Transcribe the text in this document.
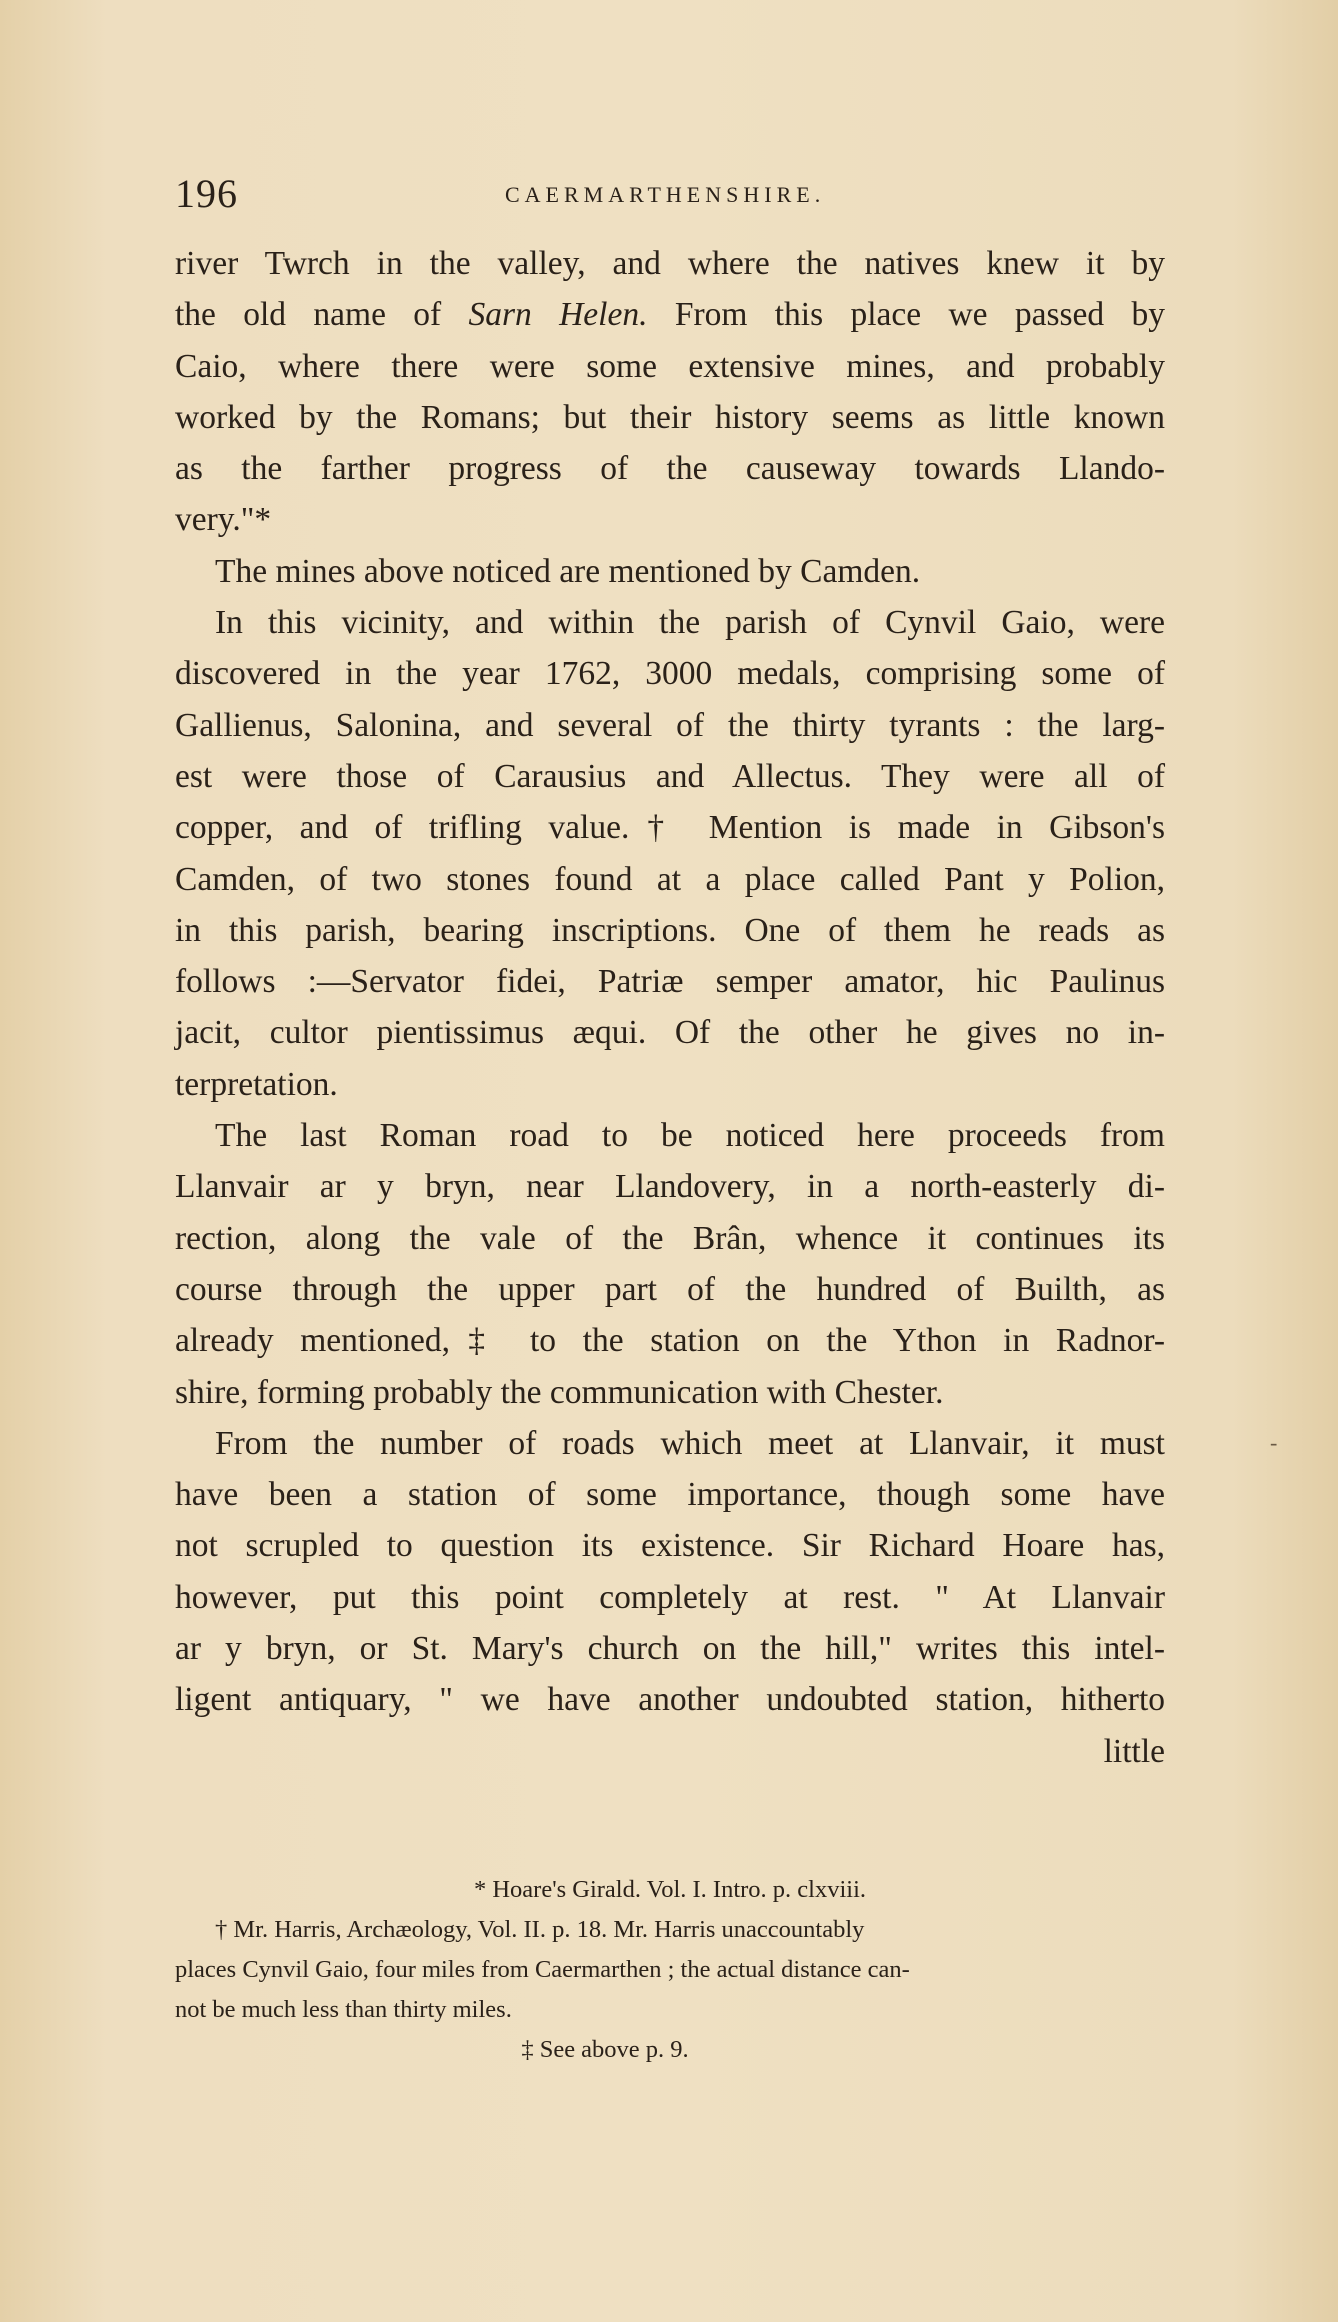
196	CAERMARTHENSHIRE.

river Twrch in the valley, and where the natives knew it by
the old name of Sarn Helen. From this place we passed by
Caio, where there were some extensive mines, and probably
worked by the Romans; but their history seems as little known
as the farther progress of the causeway towards Llando-
very."*

The mines above noticed are mentioned by Camden.

In this vicinity, and within the parish of Cynvil Gaio, were
discovered in the year 1762, 3000 medals, comprising some of
Gallienus, Salonina, and several of the thirty tyrants : the larg-
est were those of Carausius and Allectus. They were all of
copper, and of trifling value.† Mention is made in Gibson's
Camden, of two stones found at a place called Pant y Polion,
in this parish, bearing inscriptions. One of them he reads as
follows :—Servator fidei, Patriæ semper amator, hic Paulinus
jacit, cultor pientissimus æqui. Of the other he gives no in-
terpretation.

The last Roman road to be noticed here proceeds from
Llanvair ar y bryn, near Llandovery, in a north-easterly di-
rection, along the vale of the Brân, whence it continues its
course through the upper part of the hundred of Builth, as
already mentioned,‡ to the station on the Ython in Radnor-
shire, forming probably the communication with Chester.

From the number of roads which meet at Llanvair, it must
have been a station of some importance, though some have
not scrupled to question its existence. Sir Richard Hoare has,
however, put this point completely at rest. " At Llanvair
ar y bryn, or St. Mary's church on the hill," writes this intel-
ligent antiquary, " we have another undoubted station, hitherto
little

-
* Hoare's Girald. Vol. I. Intro. p. clxviii.
† Mr. Harris, Archæology, Vol. II. p. 18. Mr. Harris unaccountably
places Cynvil Gaio, four miles from Caermarthen ; the actual distance can-
not be much less than thirty miles.
‡ See above p. 9.
